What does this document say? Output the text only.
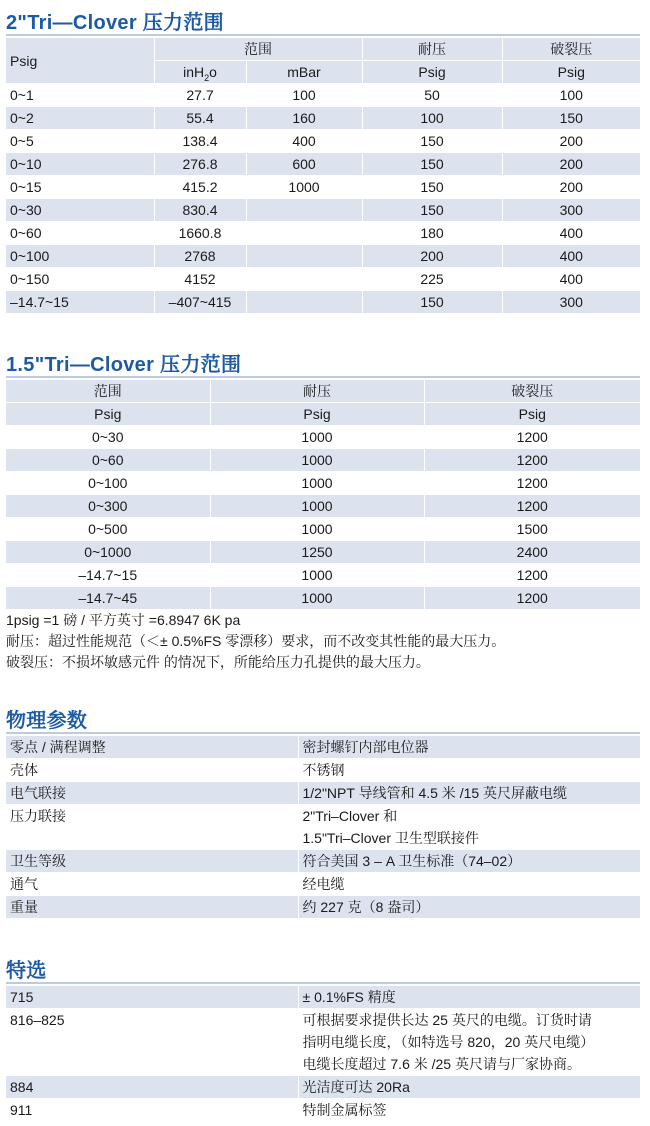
2"Tri—Clover 压力范围
Psig	范围		耐压	破裂压
	inH$_2$o	mBar	Psig	Psig
0~1	27.7	100	50	100
0~2	55.4	160	100	150
0~5	138.4	400	150	200
0~10	276.8	600	150	200
0~15	415.2	1000	150	200
0~30	830.4		150	300
0~60	1660.8		180	400
0~100	2768		200	400
0~150	4152		225	400
–14.7~15	–407~415		150	300
1.5"Tri—Clover 压力范围
范围	耐压	破裂压
Psig	Psig	Psig
0~30	1000	1200
0~60	1000	1200
0~100	1000	1200
0~300	1000	1200
0~500	1000	1500
0~1000	1250	2400
–14.7~15	1000	1200
–14.7~45	1000	1200
1psig =1 磅 / 平方英寸 =6.8947 6K pa
耐压：超过性能规范（＜± 0.5%FS 零漂移）要求，而不改变其性能的最大压力。
破裂压：不损坏敏感元件 的情况下，所能给压力孔提供的最大压力。
物理参数
零点 / 满程调整	密封螺钉内部电位器

壳体	不锈钢

电气联接	1/2"NPT 导线管和 4.5 米 /15 英尺屏蔽电缆

压力联接	2"Tri–Clover 和
1.5"Tri–Clover 卫生型联接件

卫生等级	符合美国 3 – A 卫生标准（74–02）

通气	经电缆

重量	约 227 克（8 盎司）
特选
715	± 0.1%FS 精度

816–825	可根据要求提供长达 25 英尺的电缆。订货时请
指明电缆长度，（如特选号 820，20 英尺电缆）
电缆长度超过 7.6 米 /25 英尺请与厂家协商。

884	光洁度可达 20Ra

911	特制金属标签
